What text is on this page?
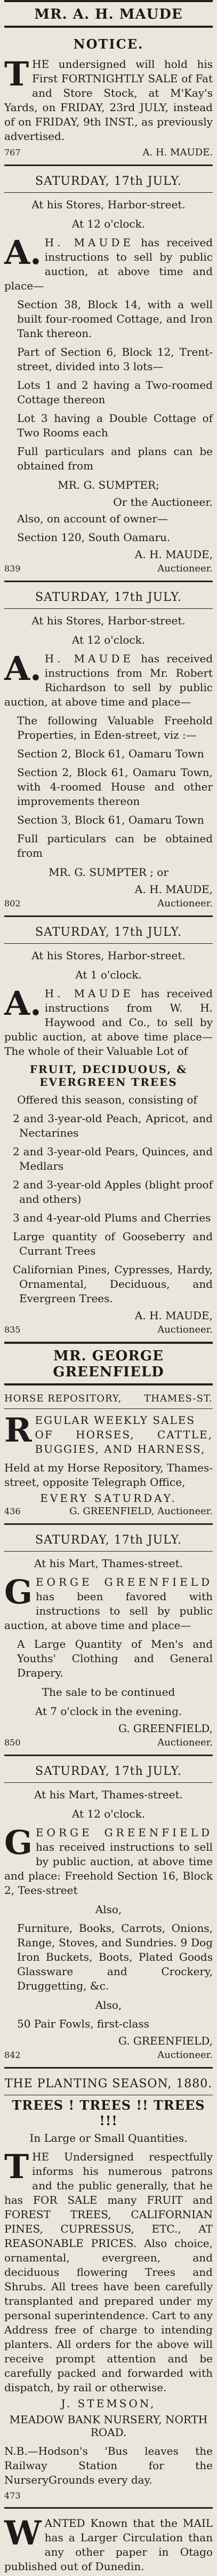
MR. A. H. MAUDE
NOTICE.

THE undersigned will hold his First FORTNIGHTLY SALE of Fat and Store Stock, at M'Kay's Yards, on FRIDAY, 23rd JULY, instead of on FRIDAY, 9th INST., as previously advertised.

767	A. H. MAUDE.
SATURDAY, 17th JULY.
At his Stores, Harbor-street.
At 12 o'clock.

A. H. MAUDE has received instructions to sell by public auction, at above time and place—

Section 38, Block 14, with a well built four-roomed Cottage, and Iron Tank thereon.

Part of Section 6, Block 12, Trent-street, divided into 3 lots—

Lots 1 and 2 having a Two-roomed Cottage thereon

Lot 3 having a Double Cottage of Two Rooms each

Full particulars and plans can be obtained from

MR. G. SUMPTER;
Or the Auctioneer.

Also, on account of owner—

Section 120, South Oamaru.

A. H. MAUDE,
839	Auctioneer.
SATURDAY, 17th JULY.
At his Stores, Harbor-street.
At 12 o'clock.

A. H. MAUDE has received instructions from Mr. Robert Richardson to sell by public auction, at above time and place—

The following Valuable Freehold Properties, in Eden-street, viz :—

Section 2, Block 61, Oamaru Town

Section 2, Block 61, Oamaru Town, with 4-roomed House and other improvements thereon

Section 3, Block 61, Oamaru Town

Full particulars can be obtained from

MR. G. SUMPTER ; or
A. H. MAUDE,
802	Auctioneer.
SATURDAY, 17th JULY.
At his Stores, Harbor-street.
At 1 o'clock.

A. H. MAUDE has received instructions from W. H. Haywood and Co., to sell by public auction, at above time place—The whole of their Valuable Lot of

FRUIT, DECIDUOUS, & EVERGREEN TREES

Offered this season, consisting of

2 and 3-year-old Peach, Apricot, and Nectarines

2 and 3-year-old Pears, Quinces, and Medlars

2 and 3-year-old Apples (blight proof and others)

3 and 4-year-old Plums and Cherries

Large quantity of Gooseberry and Currant Trees

Californian Pines, Cypresses, Hardy, Ornamental, Deciduous, and Evergreen Trees.

A. H. MAUDE,
835	Auctioneer.
MR. GEORGE GREENFIELD
HORSE REPOSITORY, THAMES-ST.

REGULAR WEEKLY SALES
OF HORSES, CATTLE, BUGGIES, AND HARNESS,

Held at my Horse Repository, Thames-street, opposite Telegraph Office,

EVERY SATURDAY.
436	G. GREENFIELD, Auctioneer.
SATURDAY, 17th JULY.
At his Mart, Thames-street.

GEORGE GREENFIELD has been favored with instructions to sell by public auction, at above time and place—

A Large Quantity of Men's and Youths' Clothing and General Drapery.

The sale to be continued
At 7 o'clock in the evening.
G. GREENFIELD,
850	Auctioneer.
SATURDAY, 17th JULY.
At his Mart, Thames-street.
At 12 o'clock.

GEORGE GREENFIELD has received instructions to sell by public auction, at above time and place: Freehold Section 16, Block 2, Tees-street

Also,

Furniture, Books, Carrots, Onions, Range, Stoves, and Sundries. 9 Dog Iron Buckets, Boots, Plated Goods Glassware and Crockery, Druggetting, &c.

Also,

50 Pair Fowls, first-class

G. GREENFIELD,
842	Auctioneer.
THE PLANTING SEASON, 1880.
TREES ! TREES !! TREES !!!
In Large or Small Quantities.

THE Undersigned respectfully informs his numerous patrons and the public generally, that he has FOR SALE many FRUIT and FOREST TREES, CALIFORNIAN PINES, CUPRESSUS, ETC., AT REASONABLE PRICES. Also choice, ornamental, evergreen, and deciduous flowering Trees and Shrubs. All trees have been carefully transplanted and prepared under my personal superintendence. Cart to any Address free of charge to intending planters. All orders for the above will receive prompt attention and be carefully packed and forwarded with dispatch, by rail or otherwise.

J. STEMSON,
MEADOW BANK NURSERY, NORTH ROAD.

N.B.—Hodson's 'Bus leaves the Railway Station for the NurseryGrounds every day.

473

WANTED Known that the MAIL has a Larger Circulation than any other paper in Otago published out of Dunedin.
